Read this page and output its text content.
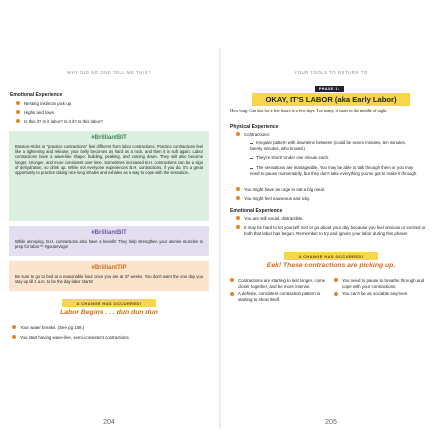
WHY DID NO ONE TELL ME THIS?
Emotional Experience
Nesting instincts pick up
Highs and lows
Is this it? Is it labor? Is it it? Is this labor?
#BrilliantBIT
Braxton-Hicks or "practice contractions" feel different from labor contractions. Practice contractions feel like a tightening and release; your belly becomes as hard as a rock, and then it is soft again. Labor contractions have a wave-like shape: building, peaking, and coming down. They will also become longer, stronger, and more consistent over time. Sometimes increased B.H. contractions can be a sign of dehydration, so drink up. While not everyone experiences B.H. contractions, if you do, it's a great opportunity to practice taking nice long inhales and exhales as a way to cope with the sensation.
#BrilliantBIT
While annoying, B.H. contractions also have a benefit! They help strengthen your uterine muscles to prep for labor™ #goutervsgo!
#BrilliantTIP
Be sure to go to bed at a reasonable hour once you are at 37 weeks. You don't want the one day you stay up till 1 a.m. to be the day labor starts!
A CHANGE HAS OCCURRED!
Labor Begins . . . dun dun dun
Your water breaks. (See pg 108.)
You start having wave-like, semi-consistent contractions.
204
YOUR TOOLS TO RETURN TO
PHASE 1:
OKAY, IT'S LABOR (aka Early Labor)
How long: Can last for a few hours to a few days. Too many, it starts in the middle of night.
Physical Experience
Contractions:
Irregular pattern with downtime between (could be seven minutes, ten minutes, twenty minutes, who knows!)
They're short! Under one minute each.
The sensations are manageable. You may be able to talk through them or you may need to pause momentarily, but they don't take everything you've got to make it through.
You might have an urge to eat a big meal.
You might feel nauseous and icky.
Emotional Experience
You are still social, distractible.
It may be hard to let yourself rest or go about your day because you feel anxious or excited or both that labor has begun. Remember to try and ignore your labor during this phase!
A CHANGE HAS OCCURRED!
Eek! These contractions are picking up.
Contractions are starting to last longer, come closer together, and be more intense.
A definite, consistent contraction pattern is starting to show itself.
You need to pause to breathe through and cope with your contractions.
You can't be as sociable anymore.
205
